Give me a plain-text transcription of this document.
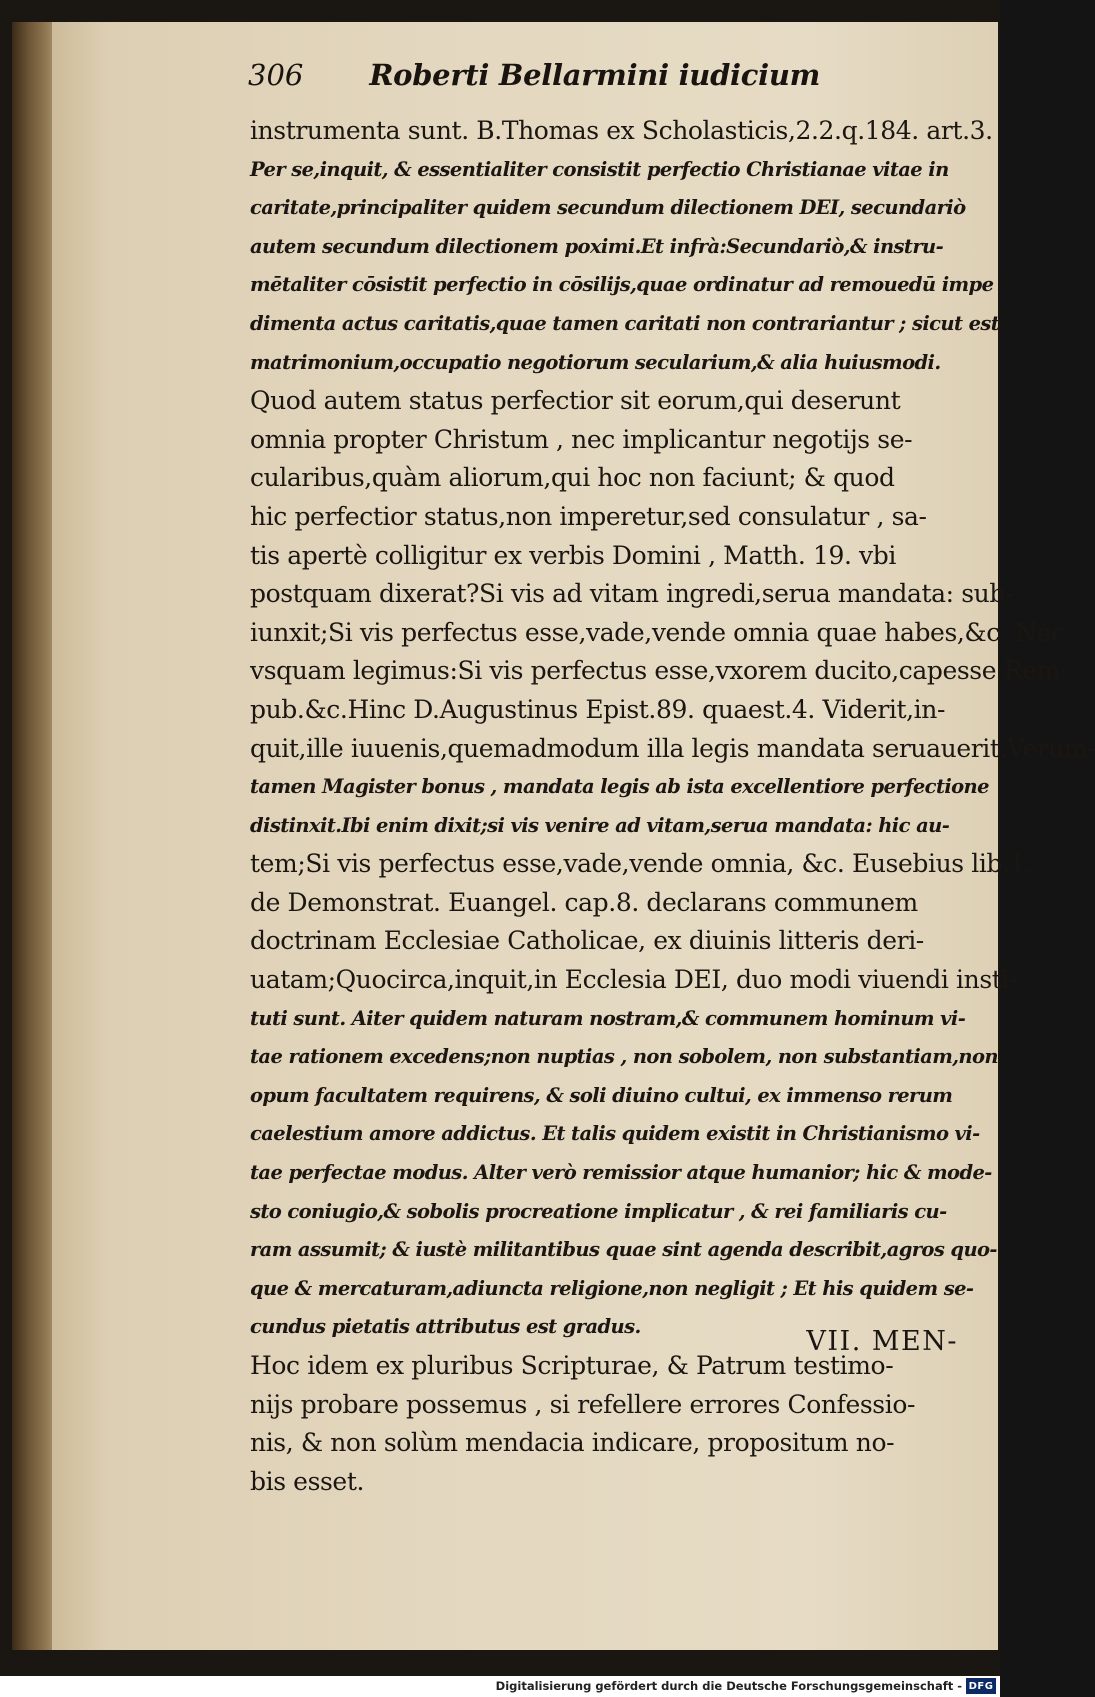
306 Roberti Bellarmini iudicium
instrumenta sunt. B.Thomas ex Scholasticis,2.2.q.184. art.3.
Per se,inquit, & essentialiter consistit perfectio Christianae vitae in
caritate,principaliter quidem secundum dilectionem DEI, secundariò
autem secundum dilectionem poximi.Et infrà:Secundariò,& instru-
mētaliter cōsistit perfectio in cōsilijs,quae ordinatur ad remouedū impe
dimenta actus caritatis,quae tamen caritati non contrariantur ; sicut est
matrimonium,occupatio negotiorum secularium,& alia huiusmodi.
Quod autem status perfectior sit eorum,qui deserunt
omnia propter Christum , nec implicantur negotijs se-
cularibus,quàm aliorum,qui hoc non faciunt; & quod
hic perfectior status,non imperetur,sed consulatur , sa-
tis apertè colligitur ex verbis Domini , Matth. 19. vbi
postquam dixerat?Si vis ad vitam ingredi,serua mandata: sub-
iunxit;Si vis perfectus esse,vade,vende omnia quae habes,&c. Nec
vsquam legimus:Si vis perfectus esse,vxorem ducito,capesse Rem-
pub.&c.Hinc D.Augustinus Epist.89. quaest.4. Viderit,in-
quit,ille iuuenis,quemadmodum illa legis mandata seruauerit.Verum-
tamen Magister bonus , mandata legis ab ista excellentiore perfectione
distinxit.Ibi enim dixit;si vis venire ad vitam,serua mandata: hic au-
tem;Si vis perfectus esse,vade,vende omnia, &c. Eusebius lib.1.
de Demonstrat. Euangel. cap.8. declarans communem
doctrinam Ecclesiae Catholicae, ex diuinis litteris deri-
uatam;Quocirca,inquit,in Ecclesia DEI, duo modi viuendi insti-
tuti sunt. Aiter quidem naturam nostram,& communem hominum vi-
tae rationem excedens;non nuptias , non sobolem, non substantiam,non
opum facultatem requirens, & soli diuino cultui, ex immenso rerum
caelestium amore addictus. Et talis quidem existit in Christianismo vi-
tae perfectae modus. Alter verò remissior atque humanior; hic & mode-
sto coniugio,& sobolis procreatione implicatur , & rei familiaris cu-
ram assumit; & iustè militantibus quae sint agenda describit,agros quo-
que & mercaturam,adiuncta religione,non negligit ; Et his quidem se-
cundus pietatis attributus est gradus.
Hoc idem ex pluribus Scripturae, & Patrum testimo-
nijs probare possemus , si refellere errores Confessio-
nis, & non solùm mendacia indicare, propositum no-
bis esset.
VII. MEN-
Digitalisierung gefördert durch die Deutsche Forschungsgemeinschaft - DFG
